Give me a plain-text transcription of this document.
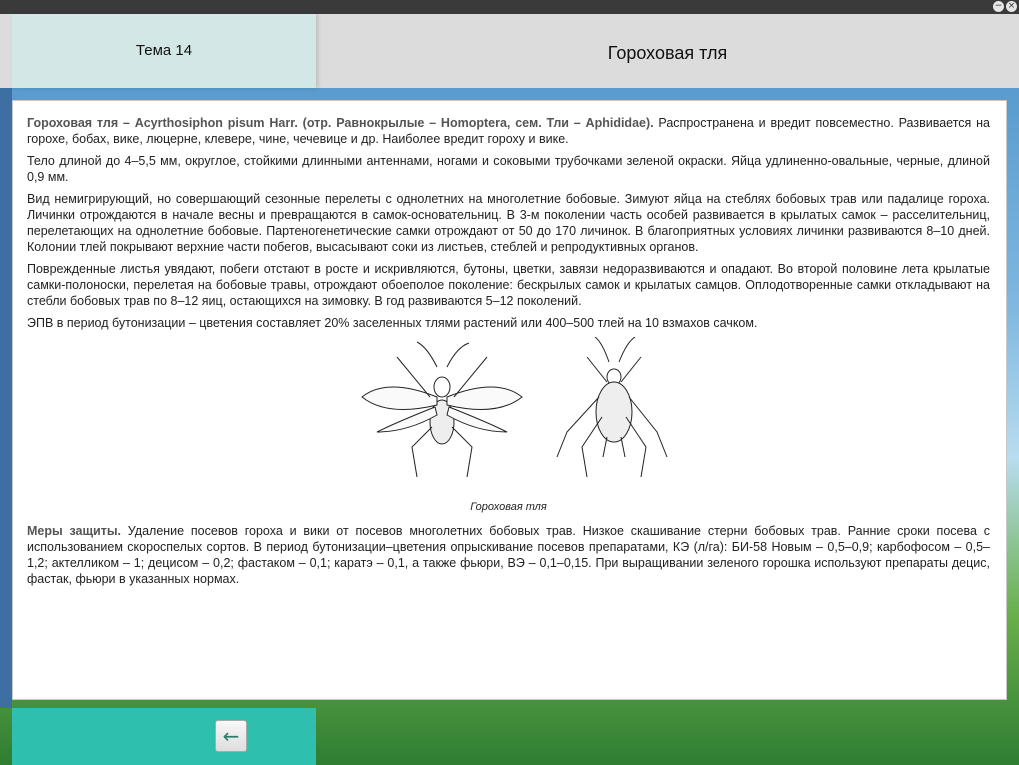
− ×
Тема 14	Гороховая тля

Гороховая тля – Acyrthosiphon pisum Harr. (отр. Равнокрылые – Homoptera, сем. Тли – Aphididae). Распространена и вредит повсеместно. Развивается на горохе, бобах, вике, люцерне, клевере, чине, чечевице и др. Наиболее вредит гороху и вике.

Тело длиной до 4–5,5 мм, округлое, стойкими длинными антеннами, ногами и соковыми трубочками зеленой окраски. Яйца удлиненно-овальные, черные, длиной 0,9 мм.

Вид немигрирующий, но совершающий сезонные перелеты с однолетних на многолетние бобовые. Зимуют яйца на стеблях бобовых трав или падалице гороха. Личинки отрождаются в начале весны и превращаются в самок-основательниц. В 3-м поколении часть особей развивается в крылатых самок – расселительниц, перелетающих на однолетние бобовые. Партеногенетические самки отрождают от 50 до 170 личинок. В благоприятных условиях личинки развиваются 8–10 дней. Колонии тлей покрывают верхние части побегов, высасывают соки из листьев, стеблей и репродуктивных органов.

Поврежденные листья увядают, побеги отстают в росте и искривляются, бутоны, цветки, завязи недоразвиваются и опадают. Во второй половине лета крылатые самки-полоноски, перелетая на бобовые травы, отрождают обоеполое поколение: бескрылых самок и крылатых самцов. Оплодотворенные самки откладывают на стебли бобовых трав по 8–12 яиц, остающихся на зимовку. В год развиваются 5–12 поколений.

ЭПВ в период бутонизации – цветения составляет 20% заселенных тлями растений или 400–500 тлей на 10 взмахов сачком.

Гороховая тля

Меры защиты. Удаление посевов гороха и вики от посевов многолетних бобовых трав. Низкое скашивание стерни бобовых трав. Ранние сроки посева с использованием скороспелых сортов. В период бутонизации–цветения опрыскивание посевов препаратами, КЭ (л/га): БИ-58 Новым – 0,5–0,9; карбофосом – 0,5–1,2; актелликом – 1; децисом – 0,2; фастаком – 0,1; каратэ – 0,1, а также фьюри, ВЭ – 0,1–0,15. При выращивании зеленого горошка используют препараты децис, фастак, фьюри в указанных нормах.

←
